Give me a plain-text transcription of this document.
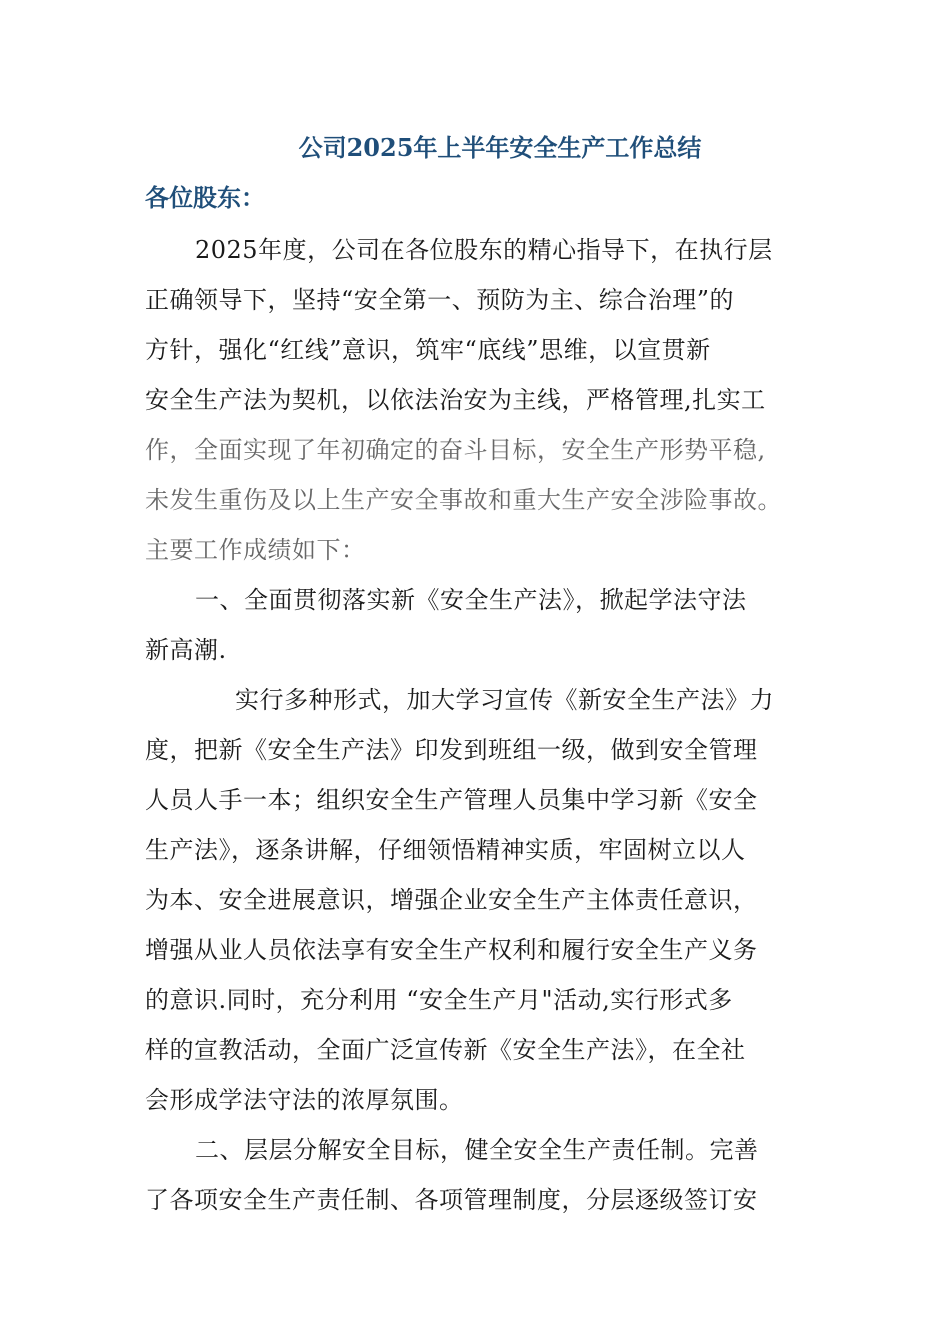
公司2025年上半年安全生产工作总结
各位股东：
2025年度，公司在各位股东的精心指导下，在执行层
正确领导下，坚持“安全第一、预防为主、综合治理”的
方针，强化“红线”意识，筑牢“底线”思维，以宣贯新
安全生产法为契机，以依法治安为主线，严格管理,扎实工
作，全面实现了年初确定的奋斗目标，安全生产形势平稳,
未发生重伤及以上生产安全事故和重大生产安全涉险事故。
主要工作成绩如下：
一、全面贯彻落实新《安全生产法》，掀起学法守法
新高潮.
实行多种形式，加大学习宣传《新安全生产法》力
度，把新《安全生产法》印发到班组一级，做到安全管理
人员人手一本；组织安全生产管理人员集中学习新《安全
生产法》，逐条讲解，仔细领悟精神实质，牢固树立以人
为本、安全进展意识，增强企业安全生产主体责任意识，
增强从业人员依法享有安全生产权利和履行安全生产义务
的意识.同时，充分利用 “安全生产月"活动,实行形式多
样的宣教活动，全面广泛宣传新《安全生产法》，在全社
会形成学法守法的浓厚氛围。
二、层层分解安全目标，健全安全生产责任制。完善
了各项安全生产责任制、各项管理制度，分层逐级签订安
